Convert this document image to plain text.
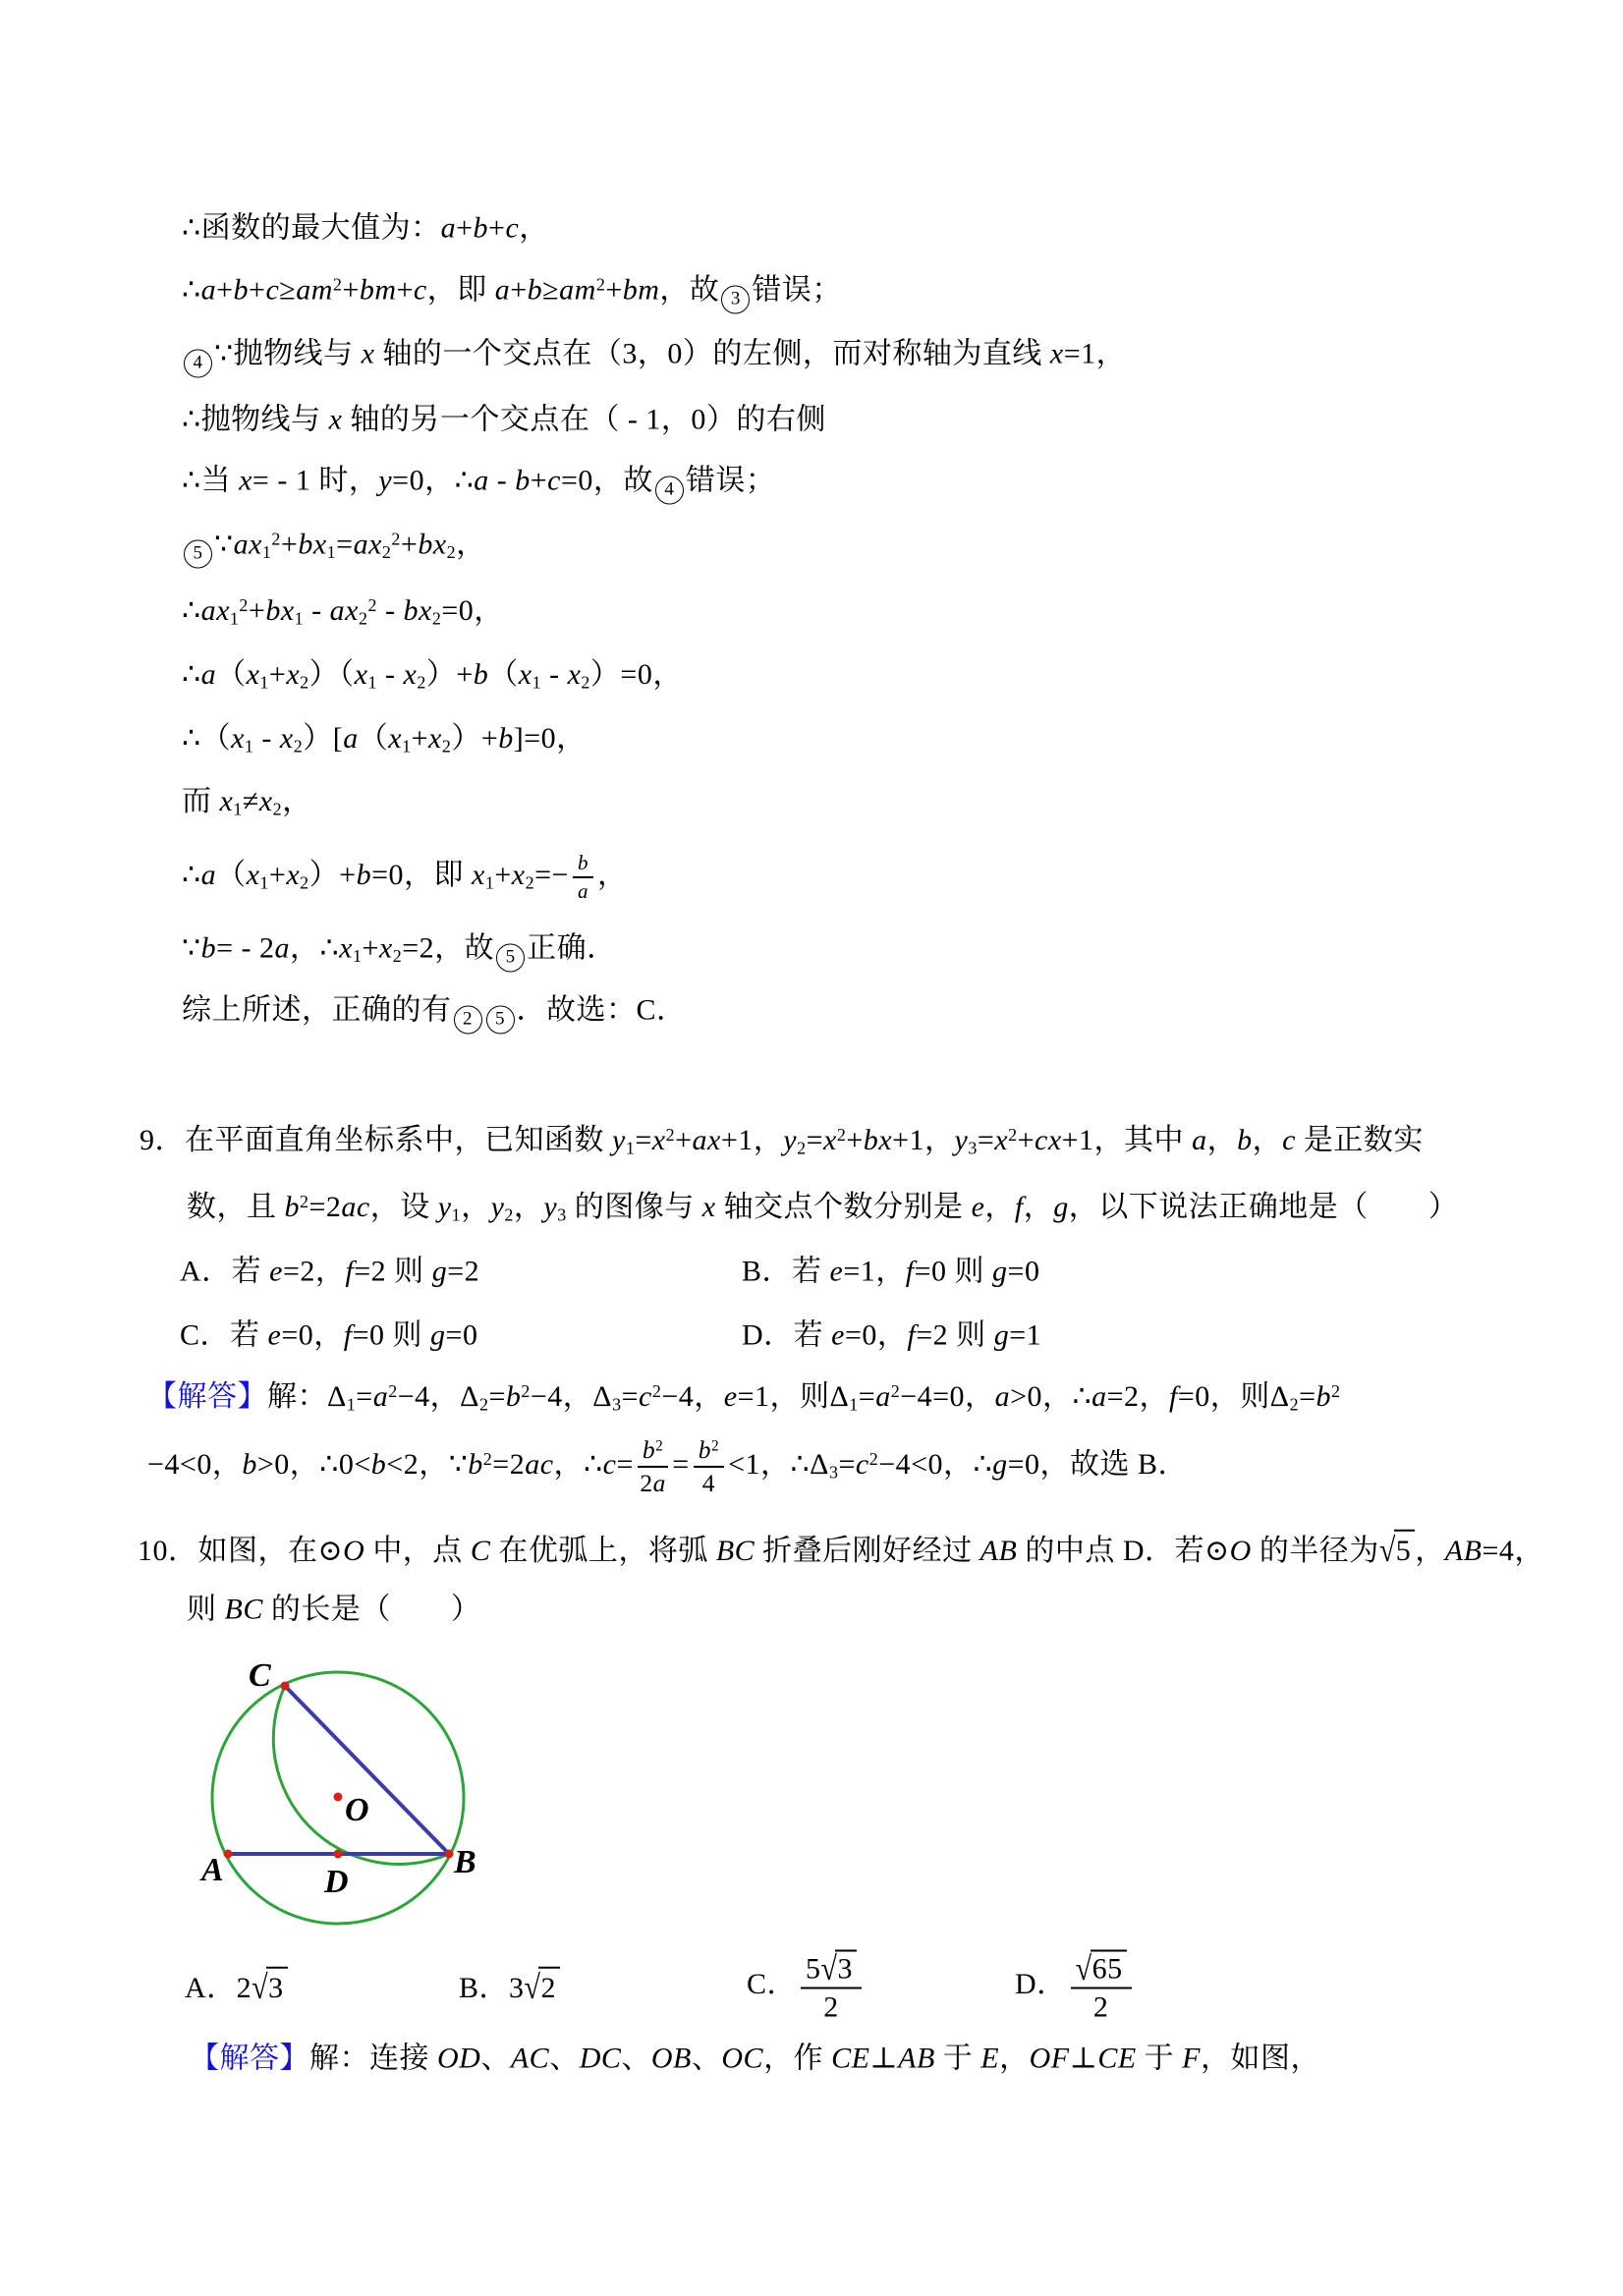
∴函数的最大值为：a+b+c，
$\therefore a+b+c\ge am^2+bm+c$，即 $a+b\ge am^2+bm$，故 3 错误；
4 ∵抛物线与 x 轴的一个交点在（3，0）的左侧，而对称轴为直线 x=1，
∴抛物线与 x 轴的另一个交点在（ - 1，0）的右侧
∴当 x= - 1 时，y=0，∴a - b+c=0，故 4 错误；
5 $\because ax_1^2+bx_1=ax_2^2+bx_2$，
$\therefore ax_1^2+bx_1 - ax_2^2 - bx_2=0$，
$\therefore a(x_1+x_2)(x_1 - x_2)+b(x_1 - x_2)=0$，
$\therefore(x_1 - x_2)[a(x_1+x_2)+b]=0$，
而 $x_1\ne x_2$，
$\therefore a(x_1+x_2)+b=0$，即 $x_1+x_2=- \frac{b}{a}$ ，
∵b= - 2a，$\therefore x_1+x_2=2$，故 5 正确．
综上所述，正确的有 2 5 ．故选：C．
9．在平面直角坐标系中，已知函数 $y_1=x^2+ax+1$，$y_2=x^2+bx+1$，$y_3=x^2+cx+1$，其中 a，b，c 是正数实
数，且 $b^2=2ac$，设 $y_1$，$y_2$，$y_3$ 的图像与 x 轴交点个数分别是 e，f，g，以下说法正确地是（　　）
A．若 e=2，f=2 则 g=2	B．若 e=1，f=0 则 g=0
C．若 e=0，f=0 则 g=0	D．若 e=0，f=2 则 g=1
【解答】解：$\Delta_1=a^2-4$，$\Delta_2=b^2-4$，$\Delta_3=c^2-4$，e=1，则$\Delta_1=a^2-4=0$，a>0，∴a=2，f=0，则$\Delta_2=b^2$
−4<0，b>0，∴0<b<2，$\because b^2=2ac$，∴c= $\frac{b^2}{2a} = \frac{b^2}{4} <1$，$\therefore\Delta_3=c^2-4<0$，∴g=0，故选 B．
10．如图，在⊙O 中，点 C 在优弧上，将弧 BC 折叠后刚好经过 AB 的中点 D．若⊙O 的半径为√5 ，AB=4，
则 BC 的长是（　　）
A．2√3	B．3√2	C． $\frac{5√3}{2}$	D． $\frac{√65}{2}$
【解答】解：连接 OD、AC、DC、OB、OC，作 CE⊥AB 于 E，OF⊥CE 于 F，如图，
C
O
A	D
B
